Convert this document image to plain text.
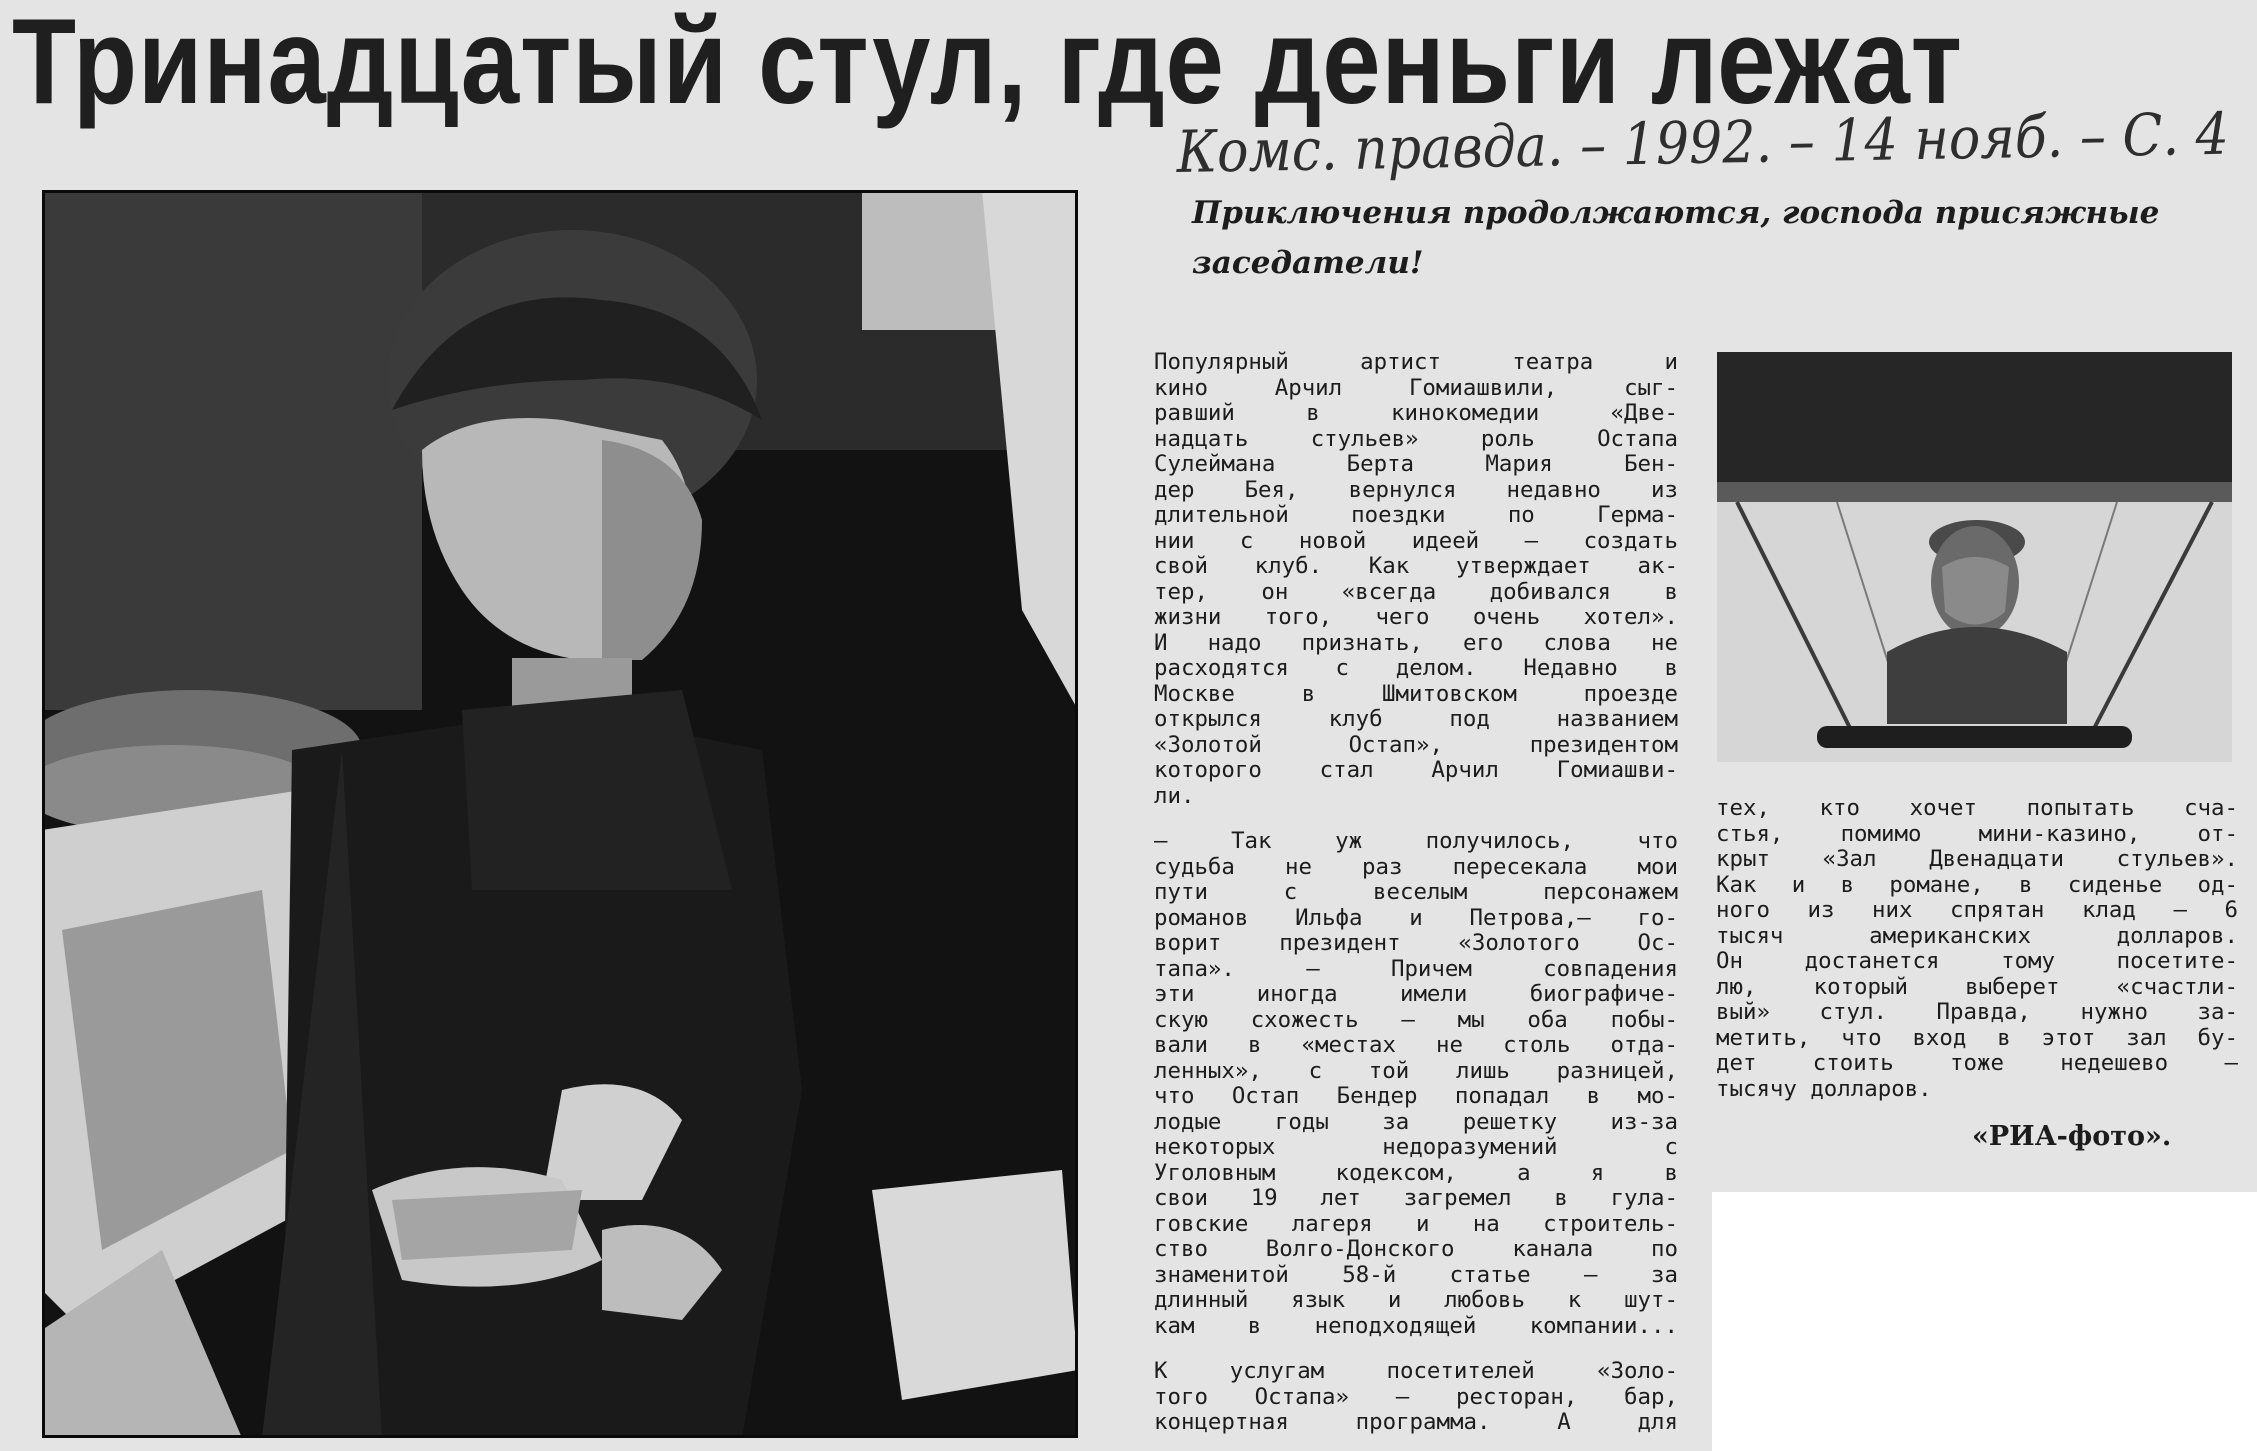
Тринадцатый стул, где деньги лежат
Комс. правда. – 1992. – 14 нояб. – С. 4

Приключения продолжаются, господа присяжные заседатели!

Популярный	артист	театра	и
кино	Арчил	Гомиашвили,	сыг-
равший	в	кинокомедии	«Две-
надцать	стульев»	роль	Остапа
Сулеймана	Берта	Мария	Бен-
дер Бея, вернулся недавно из
длительной	поездки	по	Герма-
нии с новой идеей — создать
свой клуб. Как утверждает ак-
тер, он «всегда добивался в
жизни того, чего очень хотел».
И надо признать, его слова не
расходятся с делом. Недавно в
Москве	в	Шмитовском	проезде
открылся	клуб	под	названием
«Золотой	Остап»,	президентом
которого	стал	Арчил	Гомиашви-
ли.
—	Так	уж	получилось,	что
судьба не раз пересекала мои
пути	с	веселым	персонажем
романов Ильфа и Петрова,— го-
ворит	президент	«Золотого	Ос-
тапа».	—	Причем	совпадения
эти	иногда	имели	биографиче-
скую схожесть — мы оба побы-
вали в «местах не столь отда-
ленных», с той лишь разницей,
что Остап Бендер попадал в мо-
лодые годы за решетку из-за
некоторых	недоразумений	с
Уголовным	кодексом,	а	я	в
свои 19 лет загремел в гула-
говские лагеря и на строитель-
ство	Волго-Донского	канала	по
знаменитой 58-й статье — за
длинный язык и любовь к шут-
кам в неподходящей компании...
К	услугам	посетителей	«Золо-
того Остапа» — ресторан, бар,
концертная	программа.	А	для
тех, кто хочет попытать сча-
стья,	помимо	мини-казино,	от-
крыт «Зал Двенадцати стульев».
Как и в романе, в сиденье од-
ного из них спрятан клад — 6
тысяч	американских	долларов.
Он	достанется	тому	посетите-
лю,	который	выберет	«счастли-
вый» стул. Правда, нужно за-
метить, что вход в этот зал бу-
дет	стоить	тоже	недешево	—
тысячу долларов.
«РИА-фото».
